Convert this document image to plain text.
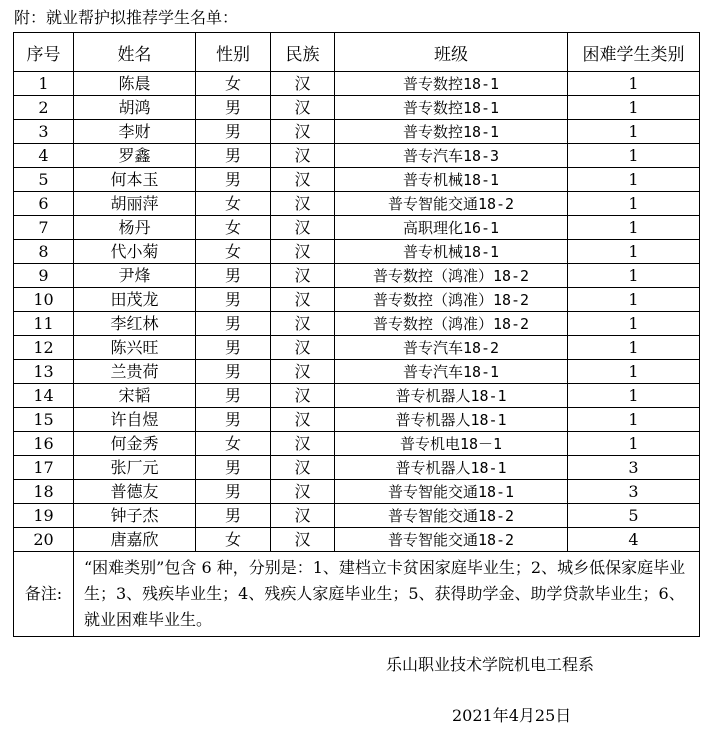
附：就业帮护拟推荐学生名单：
序号	姓名	性别	民族	班级	困难学生类别
1	陈晨	女	汉	普专数控18-1	1
2	胡鸿	男	汉	普专数控18-1	1
3	李财	男	汉	普专数控18-1	1
4	罗鑫	男	汉	普专汽车18-3	1
5	何本玉	男	汉	普专机械18-1	1
6	胡丽萍	女	汉	普专智能交通18-2	1
7	杨丹	女	汉	高职理化16-1	1
8	代小菊	女	汉	普专机械18-1	1
9	尹烽	男	汉	普专数控（鸿准）18-2	1
10	田茂龙	男	汉	普专数控（鸿准）18-2	1
11	李红林	男	汉	普专数控（鸿准）18-2	1
12	陈兴旺	男	汉	普专汽车18-2	1
13	兰贵荷	男	汉	普专汽车18-1	1
14	宋韬	男	汉	普专机器人18-1	1
15	许自煜	男	汉	普专机器人18-1	1
16	何金秀	女	汉	普专机电18－1	1
17	张厂元	男	汉	普专机器人18-1	3
18	普德友	男	汉	普专智能交通18-1	3
19	钟子杰	男	汉	普专智能交通18-2	5
20	唐嘉欣	女	汉	普专智能交通18-2	4
备注:	“困难类别”包含 6 种，分别是：1、建档立卡贫困家庭毕业生；2、城乡低保家庭毕业生；3、残疾毕业生；4、残疾人家庭毕业生；5、获得助学金、助学贷款毕业生；6、就业困难毕业生。				
乐山职业技术学院机电工程系
2021年4月25日
